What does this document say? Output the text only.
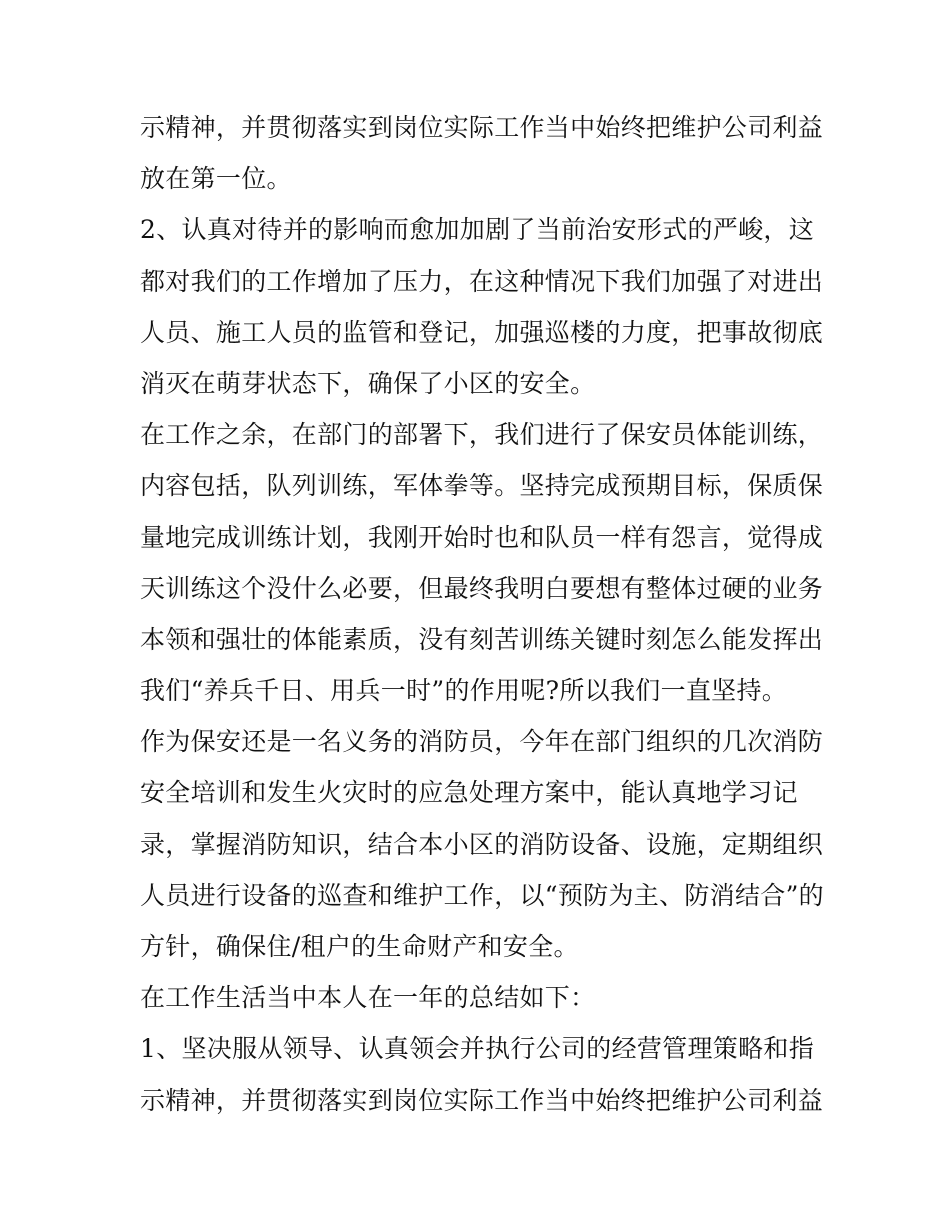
示精神，并贯彻落实到岗位实际工作当中始终把维护公司利益
放在第一位。
2、认真对待并的影响而愈加加剧了当前治安形式的严峻，这
都对我们的工作增加了压力，在这种情况下我们加强了对进出
人员、施工人员的监管和登记，加强巡楼的力度，把事故彻底
消灭在萌芽状态下，确保了小区的安全。
在工作之余，在部门的部署下，我们进行了保安员体能训练，
内容包括，队列训练，军体拳等。坚持完成预期目标，保质保
量地完成训练计划，我刚开始时也和队员一样有怨言，觉得成
天训练这个没什么必要，但最终我明白要想有整体过硬的业务
本领和强壮的体能素质，没有刻苦训练关键时刻怎么能发挥出
我们“养兵千日、用兵一时”的作用呢?所以我们一直坚持。
作为保安还是一名义务的消防员，今年在部门组织的几次消防
安全培训和发生火灾时的应急处理方案中，能认真地学习记
录，掌握消防知识，结合本小区的消防设备、设施，定期组织
人员进行设备的巡查和维护工作，以“预防为主、防消结合”的
方针，确保住/租户的生命财产和安全。
在工作生活当中本人在一年的总结如下：
1、坚决服从领导、认真领会并执行公司的经营管理策略和指
示精神，并贯彻落实到岗位实际工作当中始终把维护公司利益
